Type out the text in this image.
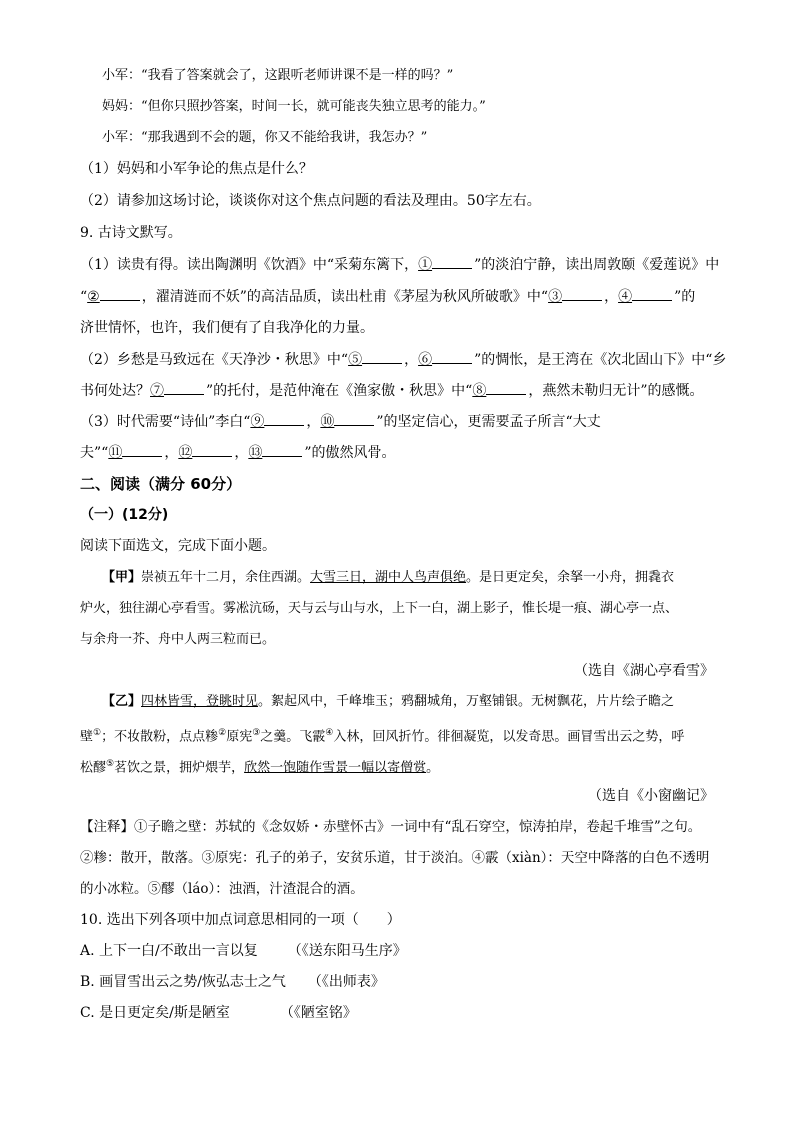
小军：“我看了答案就会了，这跟听老师讲课不是一样的吗？”
妈妈：“但你只照抄答案，时间一长，就可能丧失独立思考的能力。”
小军：“那我遇到不会的题，你又不能给我讲，我怎办？”
（1）妈妈和小军争论的焦点是什么？
（2）请参加这场讨论，谈谈你对这个焦点问题的看法及理由。50字左右。
9. 古诗文默写。
（1）读贵有得。读出陶渊明《饮酒》中“采菊东篱下，①	”的淡泊宁静，读出周敦颐《爱莲说》中
“②	，濯清涟而不妖”的高洁品质，读出杜甫《茅屋为秋风所破歌》中“③	，④	”的
济世情怀，也许，我们便有了自我净化的力量。
（2）乡愁是马致远在《天净沙・秋思》中“⑤	，⑥	”的惆怅，是王湾在《次北固山下》中“乡
书何处达？⑦	”的托付，是范仲淹在《渔家傲・秋思》中“⑧	，燕然未勒归无计”的感慨。
（3）时代需要“诗仙”李白“⑨	，⑩	”的坚定信心，更需要孟子所言“大丈
夫”“⑪	，⑫	，⑬	”的傲然风骨。
二、阅读（满分 60分）
（一）(12分)
阅读下面选文，完成下面小题。
【甲】崇祯五年十二月，余住西湖。大雪三日，湖中人鸟声俱绝。是日更定矣，余拏一小舟，拥毳衣
炉火，独往湖心亭看雪。雾凇沆砀，天与云与山与水，上下一白，湖上影子，惟长堤一痕、湖心亭一点、
与余舟一芥、舟中人两三粒而已。
（选自《湖心亭看雪》
【乙】四林皆雪，登眺时见。絮起风中，千峰堆玉；鸦翻城角，万壑铺银。无树飘花，片片绘子瞻之
壁①；不妆散粉，点点糁②原宪③之羹。飞霰④入林，回风折竹。徘徊凝览，以发奇思。画冒雪出云之势，呼
松醪⑤茗饮之景，拥炉煨芋，欣然一饱随作雪景一幅以寄僧赏。
（选自《小窗幽记》
【注释】①子瞻之壁：苏轼的《念奴娇・赤壁怀古》一词中有“乱石穿空，惊涛拍岸，卷起千堆雪”之句。
②糁：散开，散落。③原宪：孔子的弟子，安贫乐道，甘于淡泊。④霰（xiàn）：天空中降落的白色不透明
的小冰粒。⑤醪（láo）：浊酒，汁渣混合的酒。
10. 选出下列各项中加点词意思相同的一项（　　）
A. 上下一白/不敢出一言以复 （《送东阳马生序》
B. 画冒雪出云之势/恢弘志士之气 （《出师表》
C. 是日更定矣/斯是陋室	（《陋室铭》
